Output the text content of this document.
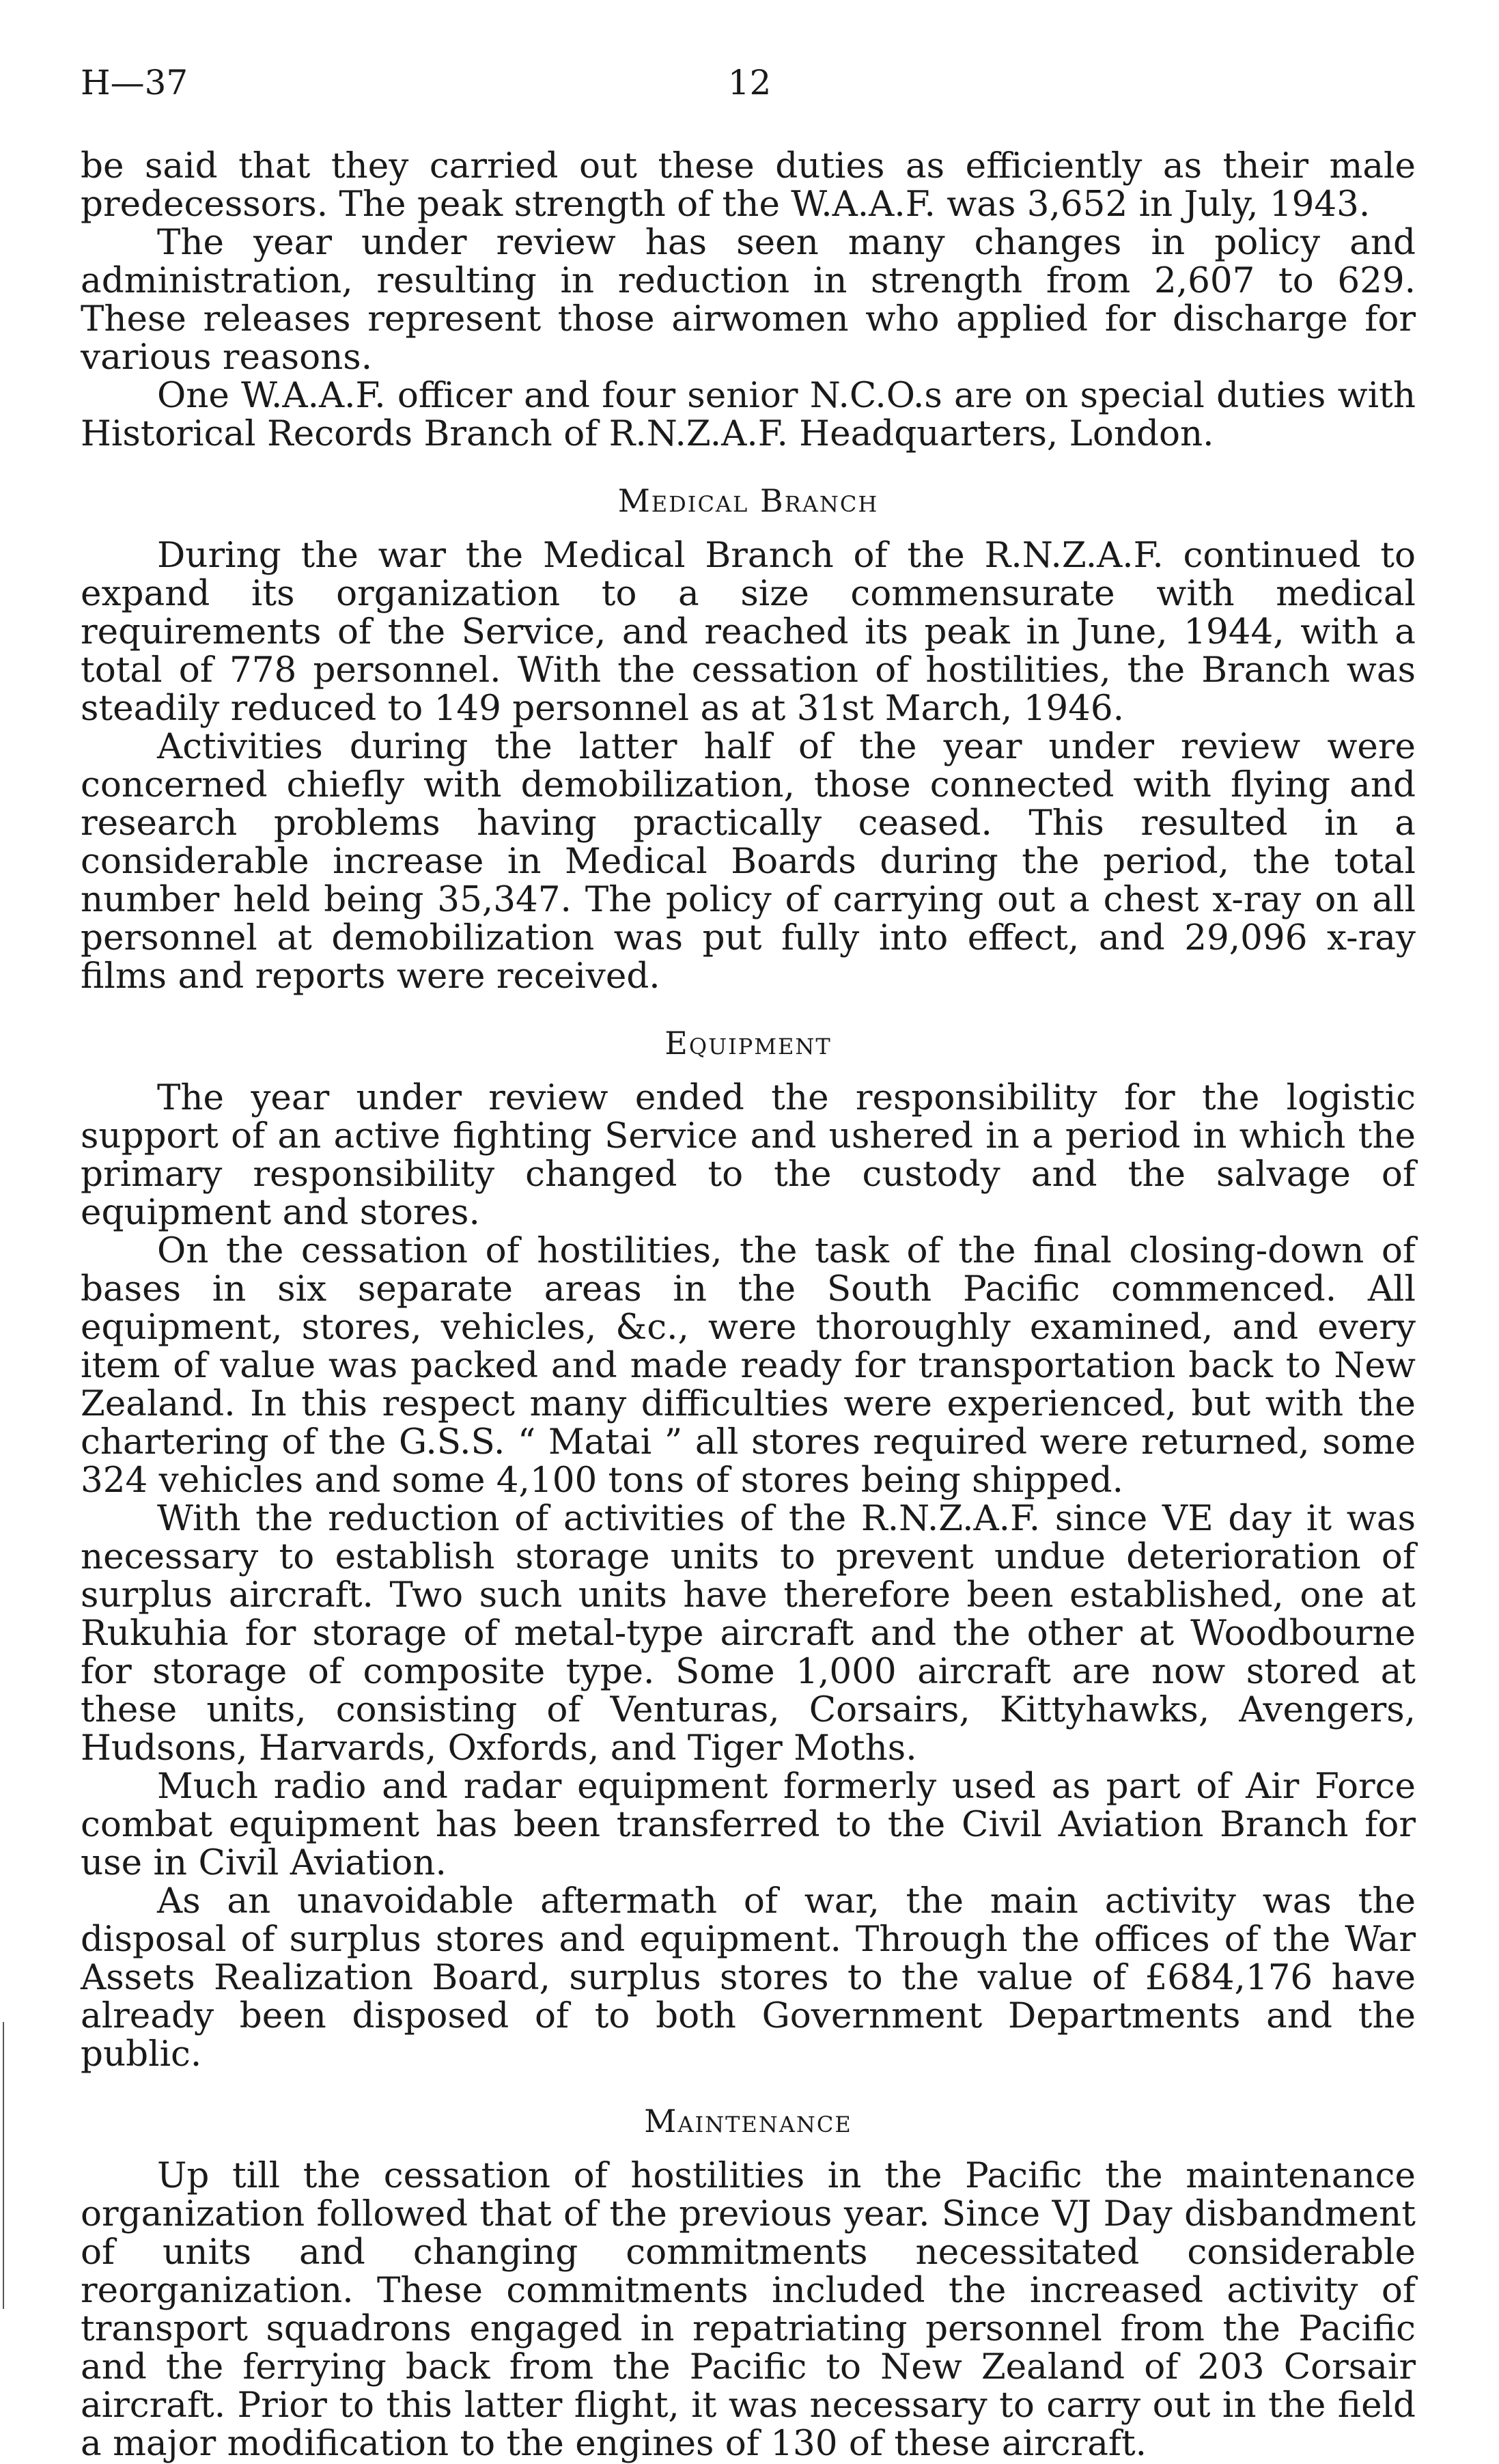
H—37	12

be said that they carried out these duties as efficiently as their male predecessors. The peak strength of the W.A.A.F. was 3,652 in July, 1943.

The year under review has seen many changes in policy and administration, resulting in reduction in strength from 2,607 to 629. These releases represent those airwomen who applied for discharge for various reasons.

One W.A.A.F. officer and four senior N.C.O.s are on special duties with Historical Records Branch of R.N.Z.A.F. Headquarters, London.

Medical Branch

During the war the Medical Branch of the R.N.Z.A.F. continued to expand its organization to a size commensurate with medical requirements of the Service, and reached its peak in June, 1944, with a total of 778 personnel. With the cessation of hostilities, the Branch was steadily reduced to 149 personnel as at 31st March, 1946.

Activities during the latter half of the year under review were concerned chiefly with demobilization, those connected with flying and research problems having practically ceased. This resulted in a considerable increase in Medical Boards during the period, the total number held being 35,347. The policy of carrying out a chest x-ray on all personnel at demobilization was put fully into effect, and 29,096 x-ray films and reports were received.

Equipment

The year under review ended the responsibility for the logistic support of an active fighting Service and ushered in a period in which the primary responsibility changed to the custody and the salvage of equipment and stores.

On the cessation of hostilities, the task of the final closing-down of bases in six separate areas in the South Pacific commenced. All equipment, stores, vehicles, &c., were thoroughly examined, and every item of value was packed and made ready for transportation back to New Zealand. In this respect many difficulties were experienced, but with the chartering of the G.S.S. “ Matai ” all stores required were returned, some 324 vehicles and some 4,100 tons of stores being shipped.

With the reduction of activities of the R.N.Z.A.F. since VE day it was necessary to establish storage units to prevent undue deterioration of surplus aircraft. Two such units have therefore been established, one at Rukuhia for storage of metal-type aircraft and the other at Woodbourne for storage of composite type. Some 1,000 aircraft are now stored at these units, consisting of Venturas, Corsairs, Kittyhawks, Avengers, Hudsons, Harvards, Oxfords, and Tiger Moths.

Much radio and radar equipment formerly used as part of Air Force combat equipment has been transferred to the Civil Aviation Branch for use in Civil Aviation.

As an unavoidable aftermath of war, the main activity was the disposal of surplus stores and equipment. Through the offices of the War Assets Realization Board, surplus stores to the value of £684,176 have already been disposed of to both Government Departments and the public.

Maintenance

Up till the cessation of hostilities in the Pacific the maintenance organization followed that of the previous year. Since VJ Day disbandment of units and changing commitments necessitated considerable reorganization. These commitments included the increased activity of transport squadrons engaged in repatriating personnel from the Pacific and the ferrying back from the Pacific to New Zealand of 203 Corsair aircraft. Prior to this latter flight, it was necessary to carry out in the field a major modification to the engines of 130 of these aircraft.
